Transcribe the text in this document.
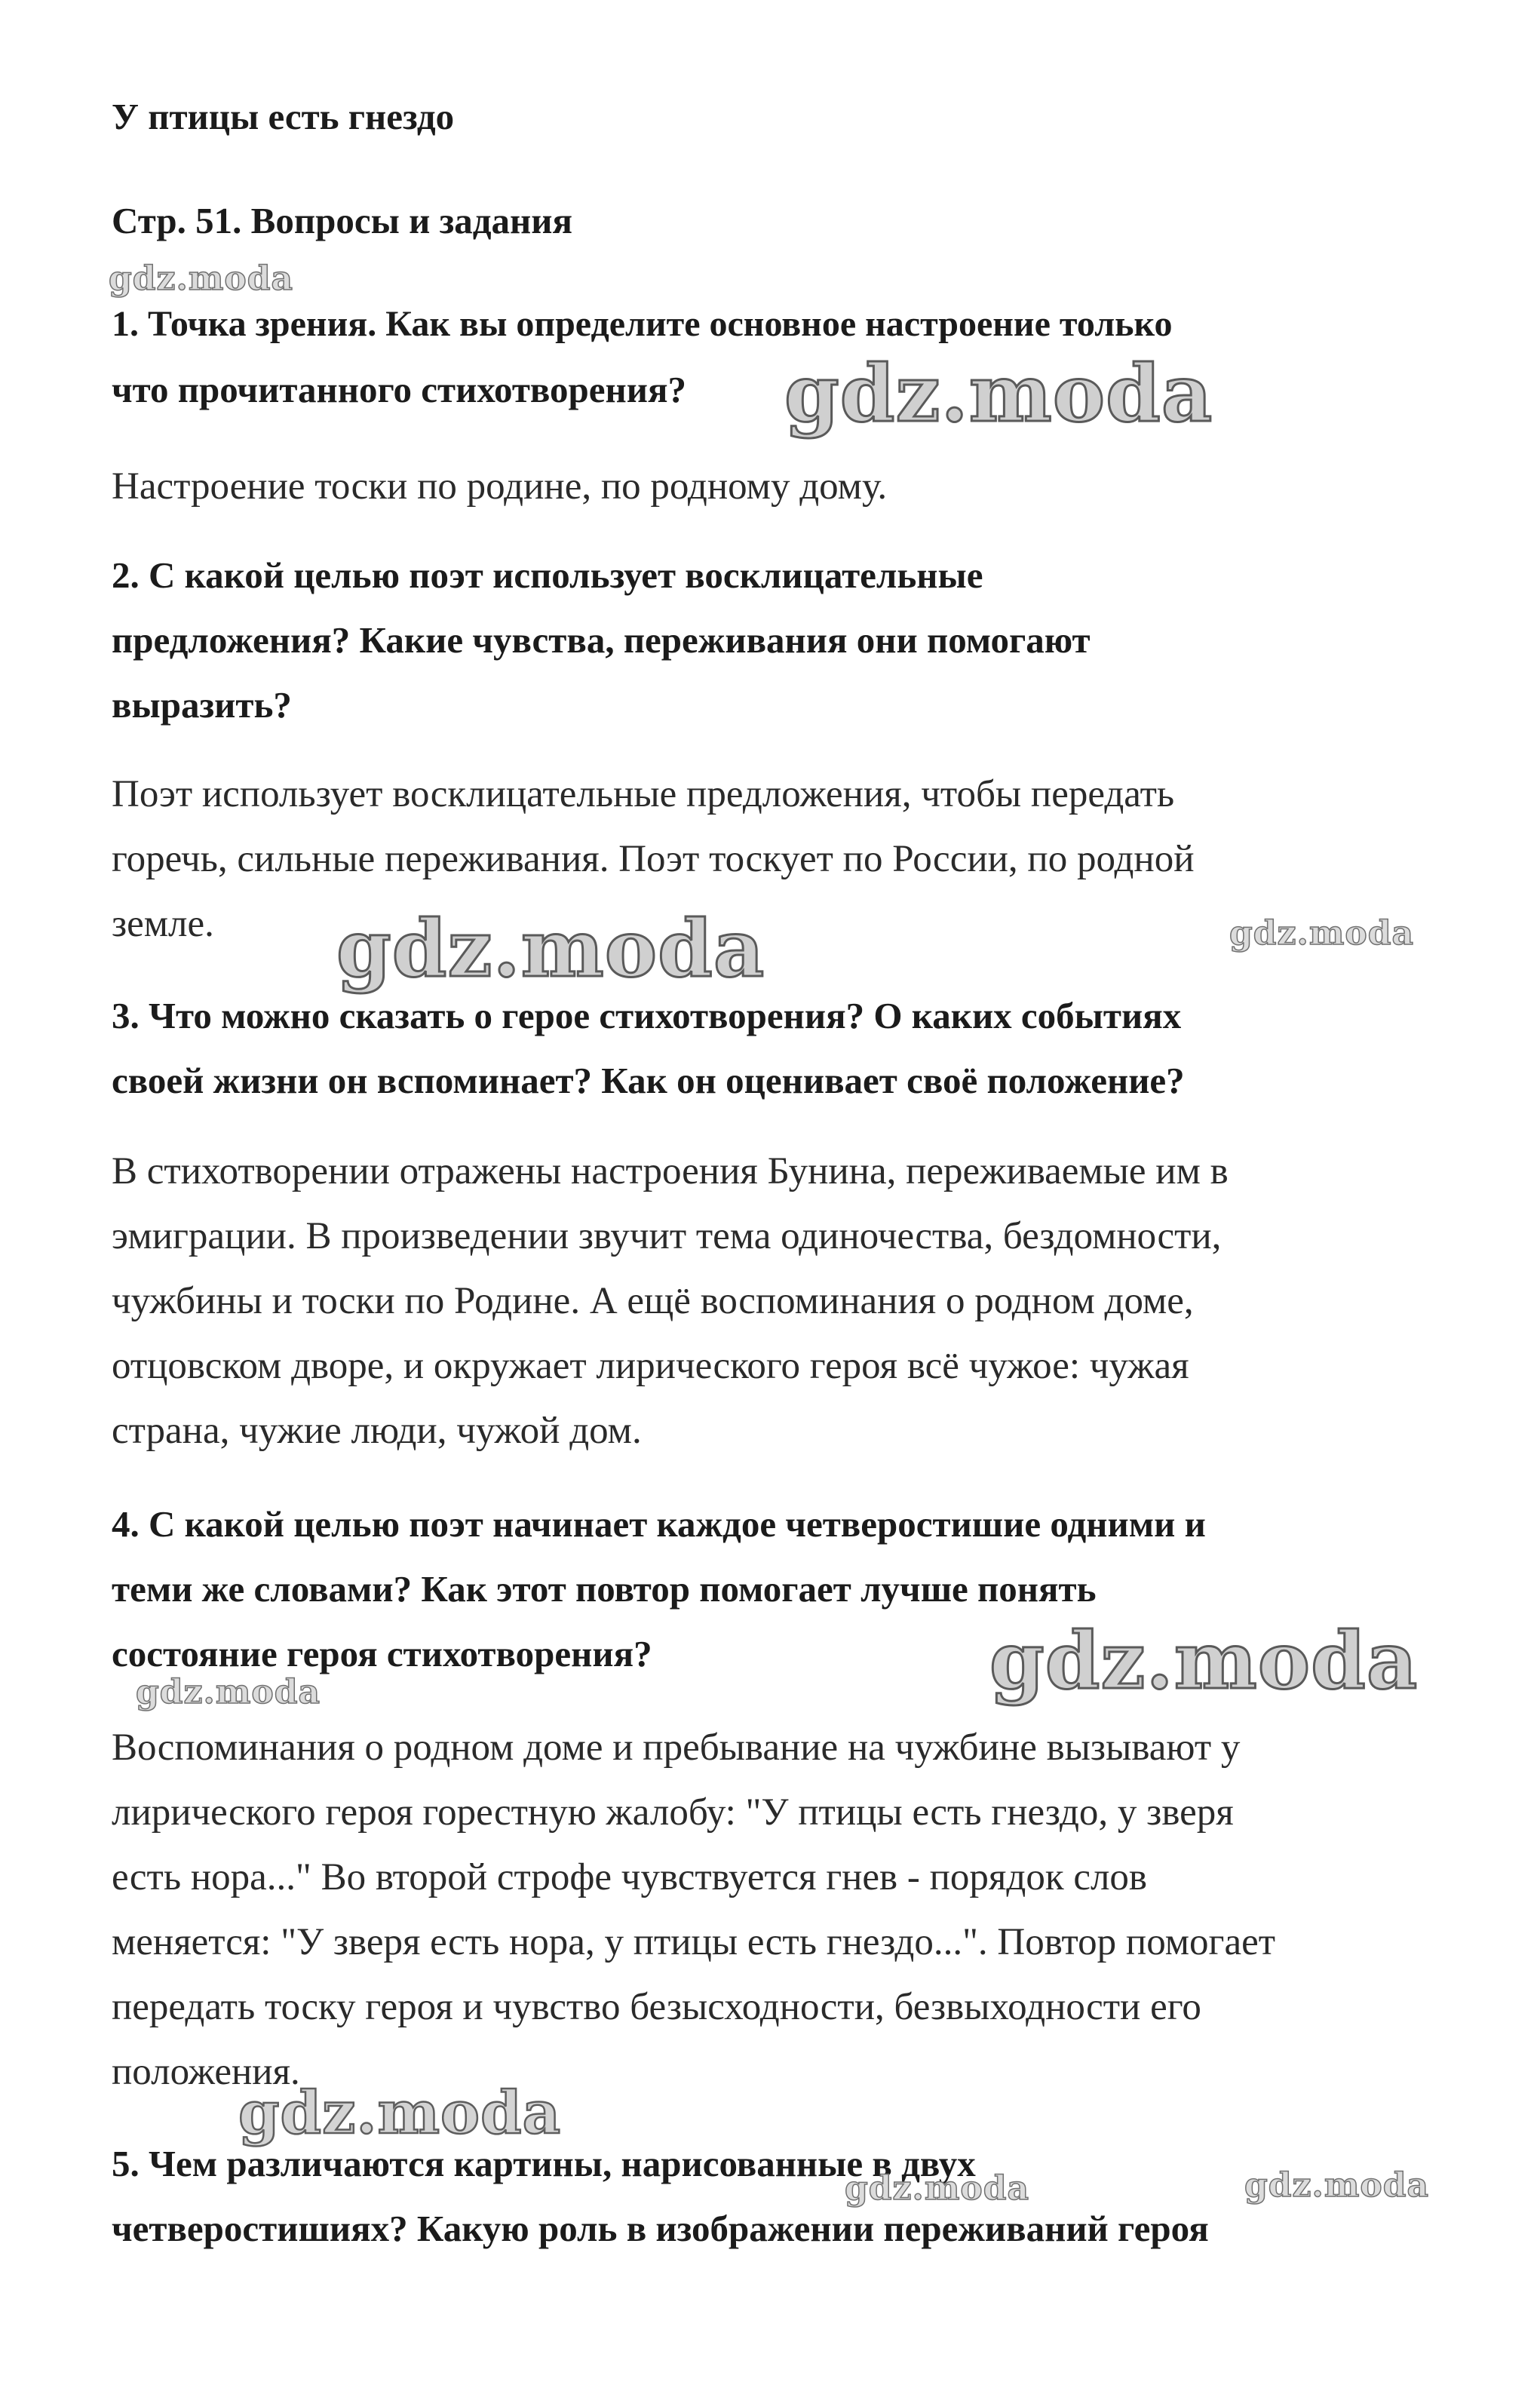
У птицы есть гнездо
Стр. 51. Вопросы и задания
1. Точка зрения. Как вы определите основное настроение только
что прочитанного стихотворения?
Настроение тоски по родине, по родному дому.
2. С какой целью поэт использует восклицательные
предложения? Какие чувства, переживания они помогают
выразить?
Поэт использует восклицательные предложения, чтобы передать
горечь, сильные переживания. Поэт тоскует по России, по родной
земле.
3. Что можно сказать о герое стихотворения? О каких событиях
своей жизни он вспоминает? Как он оценивает своё положение?
В стихотворении отражены настроения Бунина, переживаемые им в
эмиграции. В произведении звучит тема одиночества, бездомности,
чужбины и тоски по Родине. А ещё воспоминания о родном доме,
отцовском дворе, и окружает лирического героя всё чужое: чужая
страна, чужие люди, чужой дом.
4. С какой целью поэт начинает каждое четверостишие одними и
теми же словами? Как этот повтор помогает лучше понять
состояние героя стихотворения?
Воспоминания о родном доме и пребывание на чужбине вызывают у
лирического героя горестную жалобу: "У птицы есть гнездо, у зверя
есть нора..." Во второй строфе чувствуется гнев - порядок слов
меняется: "У зверя есть нора, у птицы есть гнездо...". Повтор помогает
передать тоску героя и чувство безысходности, безвыходности его
положения.
5. Чем различаются картины, нарисованные в двух
четверостишиях? Какую роль в изображении переживаний героя
gdz.moda
gdz.moda
gdz.moda	gdz.moda
gdz.moda
gdz.moda
gdz.moda
gdz.moda	gdz.moda
